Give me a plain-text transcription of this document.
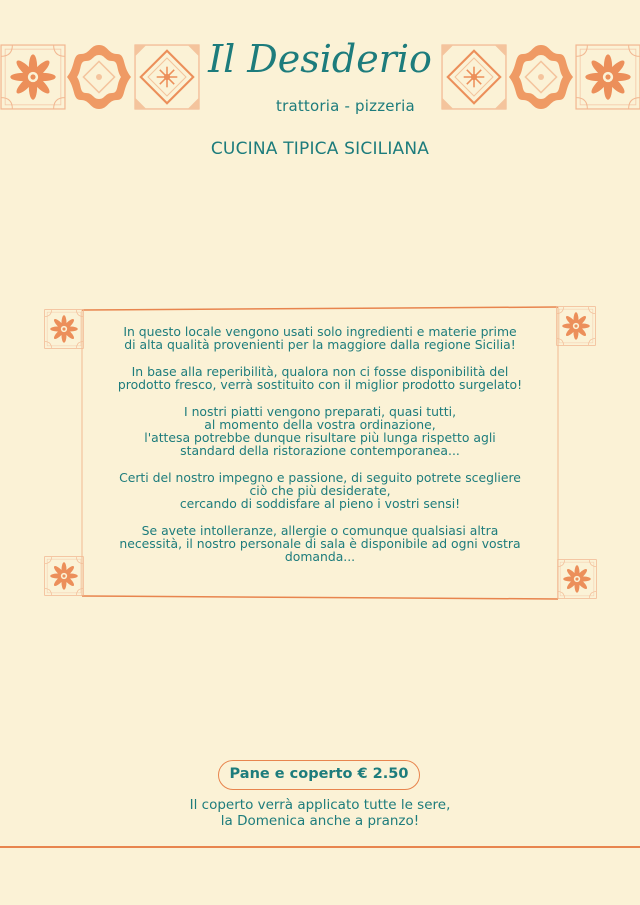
Il Desiderio
trattoria - pizzeria
CUCINA TIPICA SICILIANA

In questo locale vengono usati solo ingredienti e materie prime
di alta qualità provenienti per la maggiore dalla regione Sicilia!

In base alla reperibilità, qualora non ci fosse disponibilità del
prodotto fresco, verrà sostituito con il miglior prodotto surgelato!

I nostri piatti vengono preparati, quasi tutti,
al momento della vostra ordinazione,
l'attesa potrebbe dunque risultare più lunga rispetto agli
standard della ristorazione contemporanea...

Certi del nostro impegno e passione, di seguito potrete scegliere
ciò che più desiderate,
cercando di soddisfare al pieno i vostri sensi!

Se avete intolleranze, allergie o comunque qualsiasi altra
necessità, il nostro personale di sala è disponibile ad ogni vostra
domanda...

Pane e coperto € 2.50
Il coperto verrà applicato tutte le sere,
la Domenica anche a pranzo!
